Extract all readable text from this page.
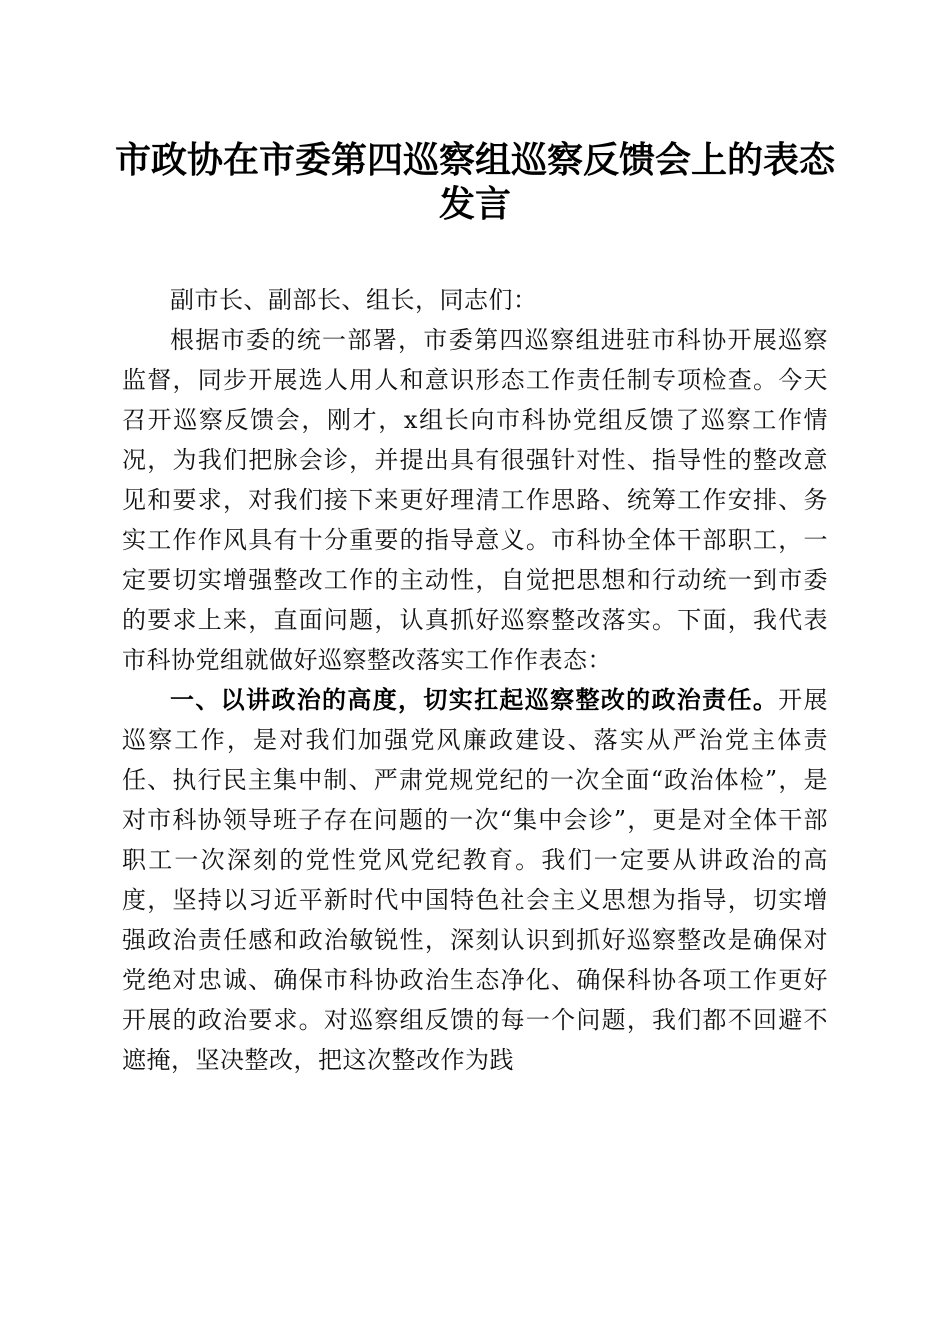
市政协在市委第四巡察组巡察反馈会上的表态发言

副市长、副部长、组长，同志们：

根据市委的统一部署，市委第四巡察组进驻市科协开展巡察监督，同步开展选人用人和意识形态工作责任制专项检查。今天召开巡察反馈会，刚才，x组长向市科协党组反馈了巡察工作情况，为我们把脉会诊，并提出具有很强针对性、指导性的整改意见和要求，对我们接下来更好理清工作思路、统筹工作安排、务实工作作风具有十分重要的指导意义。市科协全体干部职工，一定要切实增强整改工作的主动性，自觉把思想和行动统一到市委的要求上来，直面问题，认真抓好巡察整改落实。下面，我代表市科协党组就做好巡察整改落实工作作表态：

一、以讲政治的高度，切实扛起巡察整改的政治责任。开展巡察工作，是对我们加强党风廉政建设、落实从严治党主体责任、执行民主集中制、严肃党规党纪的一次全面“政治体检”，是对市科协领导班子存在问题的一次“集中会诊”，更是对全体干部职工一次深刻的党性党风党纪教育。我们一定要从讲政治的高度，坚持以习近平新时代中国特色社会主义思想为指导，切实增强政治责任感和政治敏锐性，深刻认识到抓好巡察整改是确保对党绝对忠诚、确保市科协政治生态净化、确保科协各项工作更好开展的政治要求。对巡察组反馈的每一个问题，我们都不回避不遮掩，坚决整改，把这次整改作为践
